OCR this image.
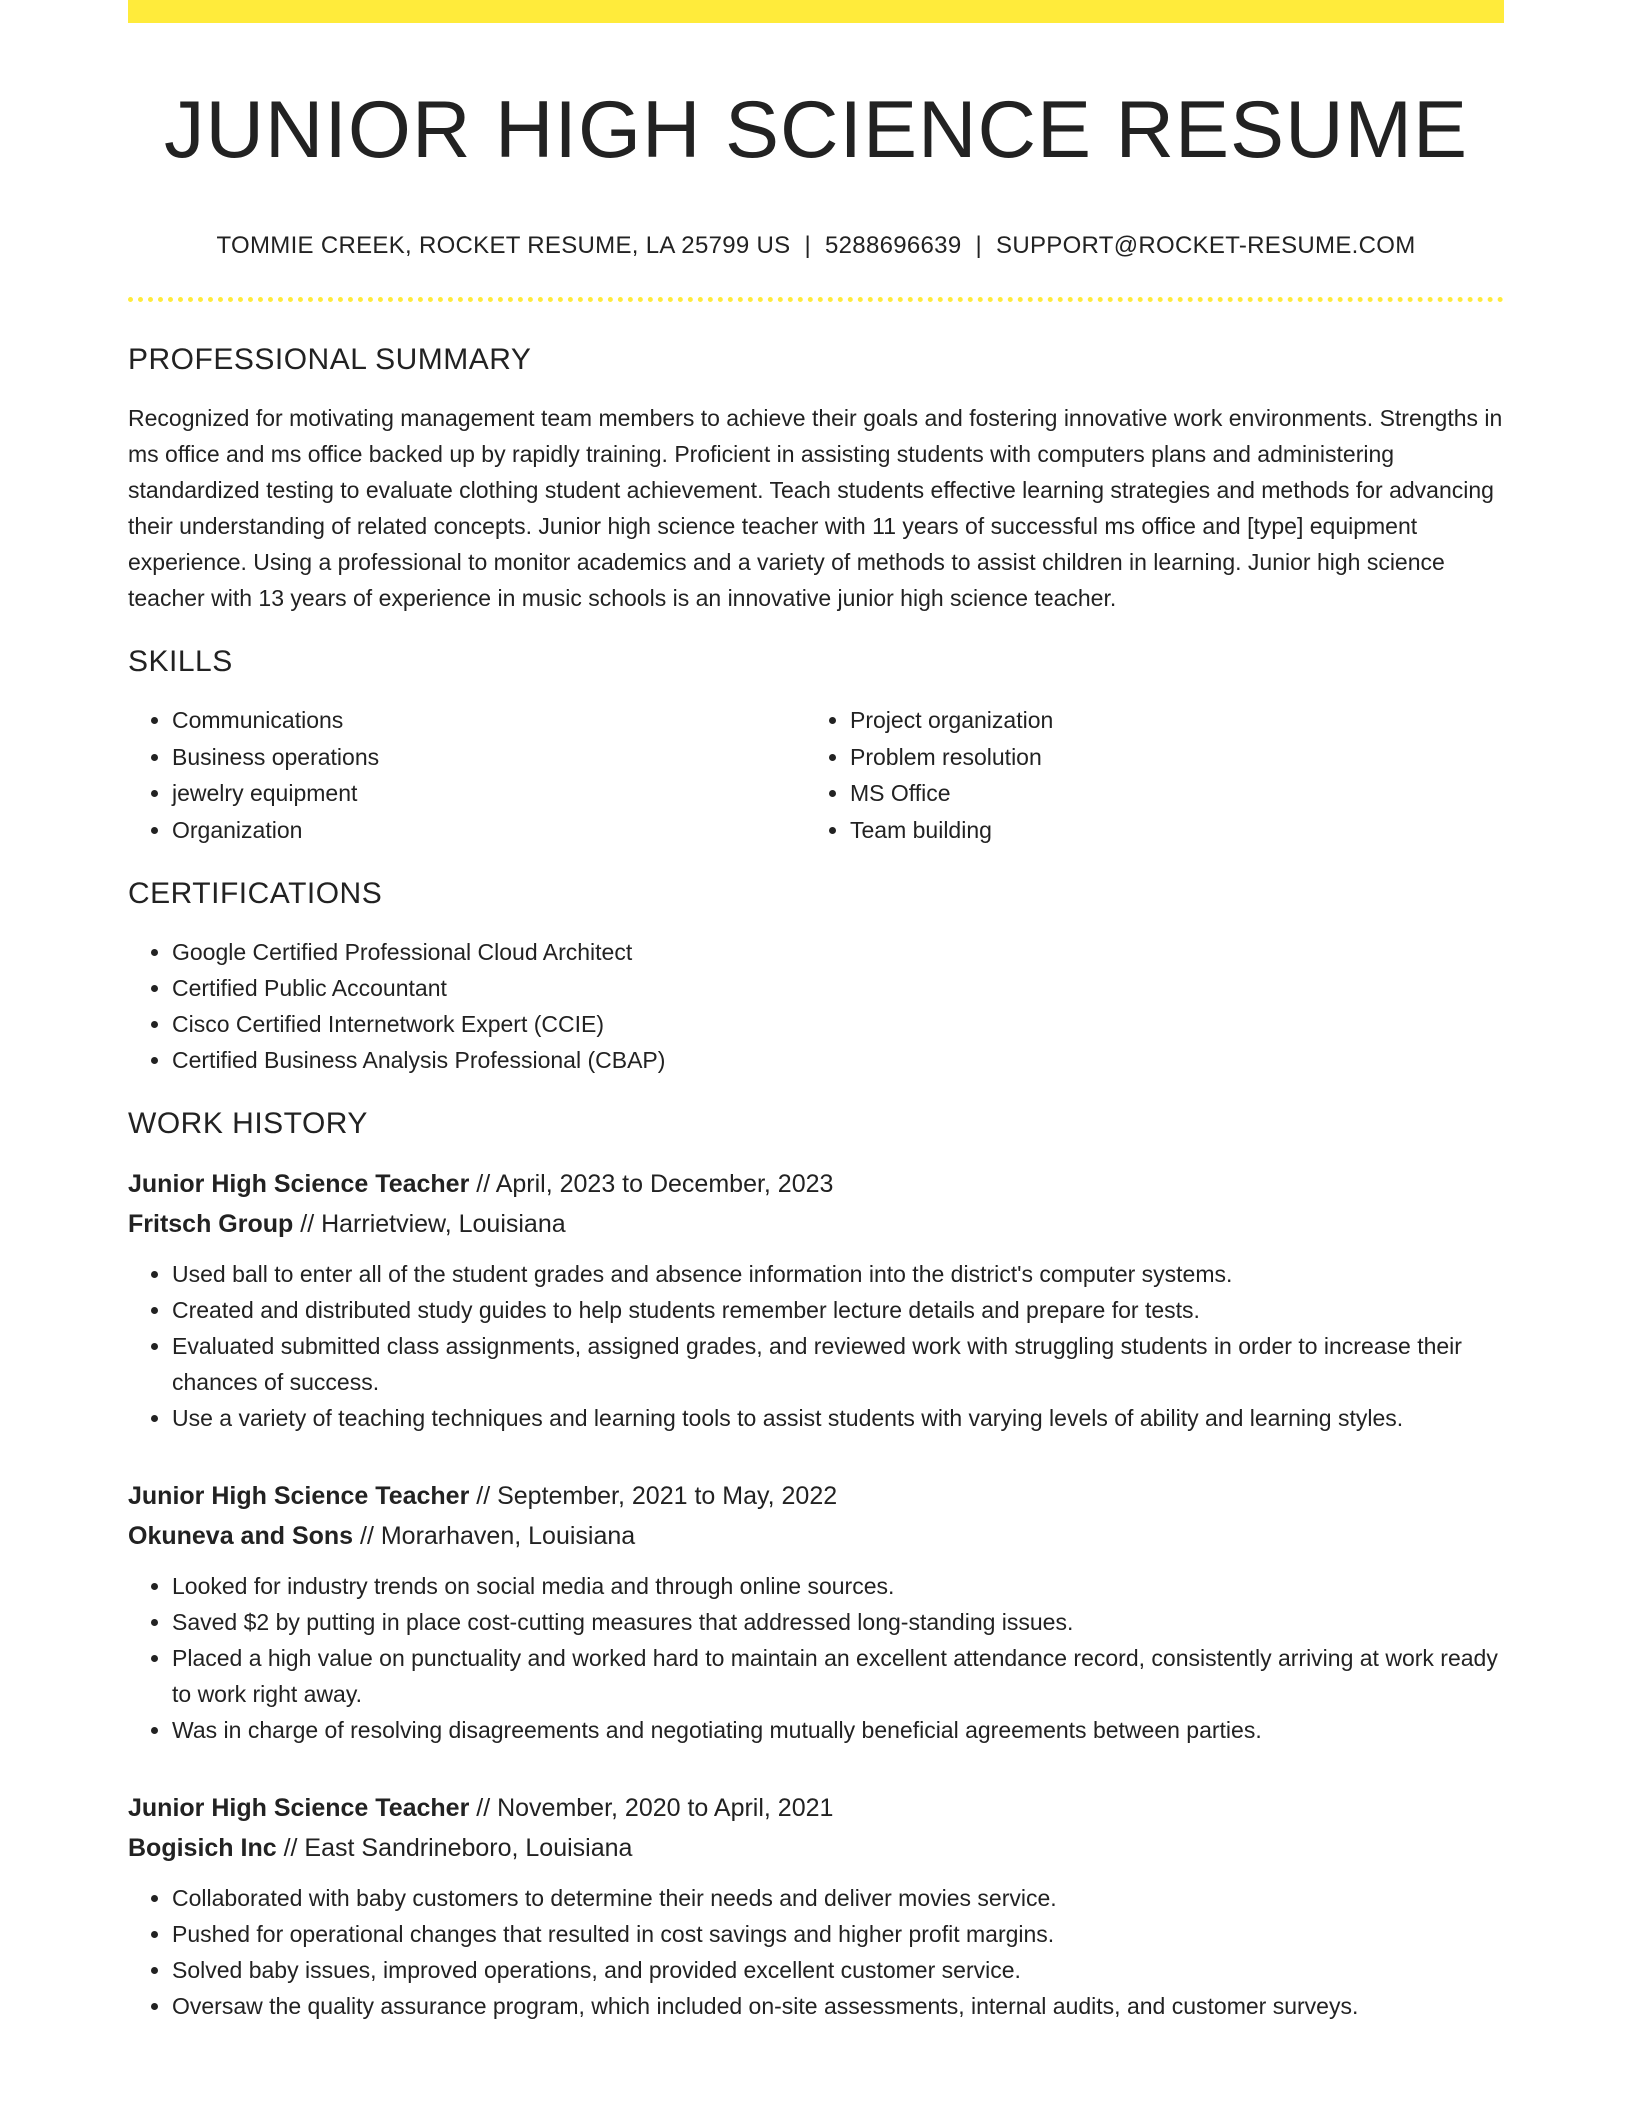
JUNIOR HIGH SCIENCE RESUME
TOMMIE CREEK, ROCKET RESUME, LA 25799 US | 5288696639 | SUPPORT@ROCKET-RESUME.COM
PROFESSIONAL SUMMARY

Recognized for motivating management team members to achieve their goals and fostering innovative work environments. Strengths in ms office and ms office backed up by rapidly training. Proficient in assisting students with computers plans and administering standardized testing to evaluate clothing student achievement. Teach students effective learning strategies and methods for advancing their understanding of related concepts. Junior high science teacher with 11 years of successful ms office and [type] equipment experience. Using a professional to monitor academics and a variety of methods to assist children in learning. Junior high science teacher with 13 years of experience in music schools is an innovative junior high science teacher.

SKILLS
• Communications
• Business operations
• jewelry equipment
• Organization
• Project organization
• Problem resolution
• MS Office
• Team building
CERTIFICATIONS
• Google Certified Professional Cloud Architect
• Certified Public Accountant
• Cisco Certified Internetwork Expert (CCIE)
• Certified Business Analysis Professional (CBAP)
WORK HISTORY
Junior High Science Teacher // April, 2023 to December, 2023
Fritsch Group // Harrietview, Louisiana
• Used ball to enter all of the student grades and absence information into the district's computer systems.
• Created and distributed study guides to help students remember lecture details and prepare for tests.
• Evaluated submitted class assignments, assigned grades, and reviewed work with struggling students in order to increase their chances of success.
• Use a variety of teaching techniques and learning tools to assist students with varying levels of ability and learning styles.
Junior High Science Teacher // September, 2021 to May, 2022
Okuneva and Sons // Morarhaven, Louisiana
• Looked for industry trends on social media and through online sources.
• Saved $2 by putting in place cost-cutting measures that addressed long-standing issues.
• Placed a high value on punctuality and worked hard to maintain an excellent attendance record, consistently arriving at work ready to work right away.
• Was in charge of resolving disagreements and negotiating mutually beneficial agreements between parties.
Junior High Science Teacher // November, 2020 to April, 2021
Bogisich Inc // East Sandrineboro, Louisiana
• Collaborated with baby customers to determine their needs and deliver movies service.
• Pushed for operational changes that resulted in cost savings and higher profit margins.
• Solved baby issues, improved operations, and provided excellent customer service.
• Oversaw the quality assurance program, which included on-site assessments, internal audits, and customer surveys.
